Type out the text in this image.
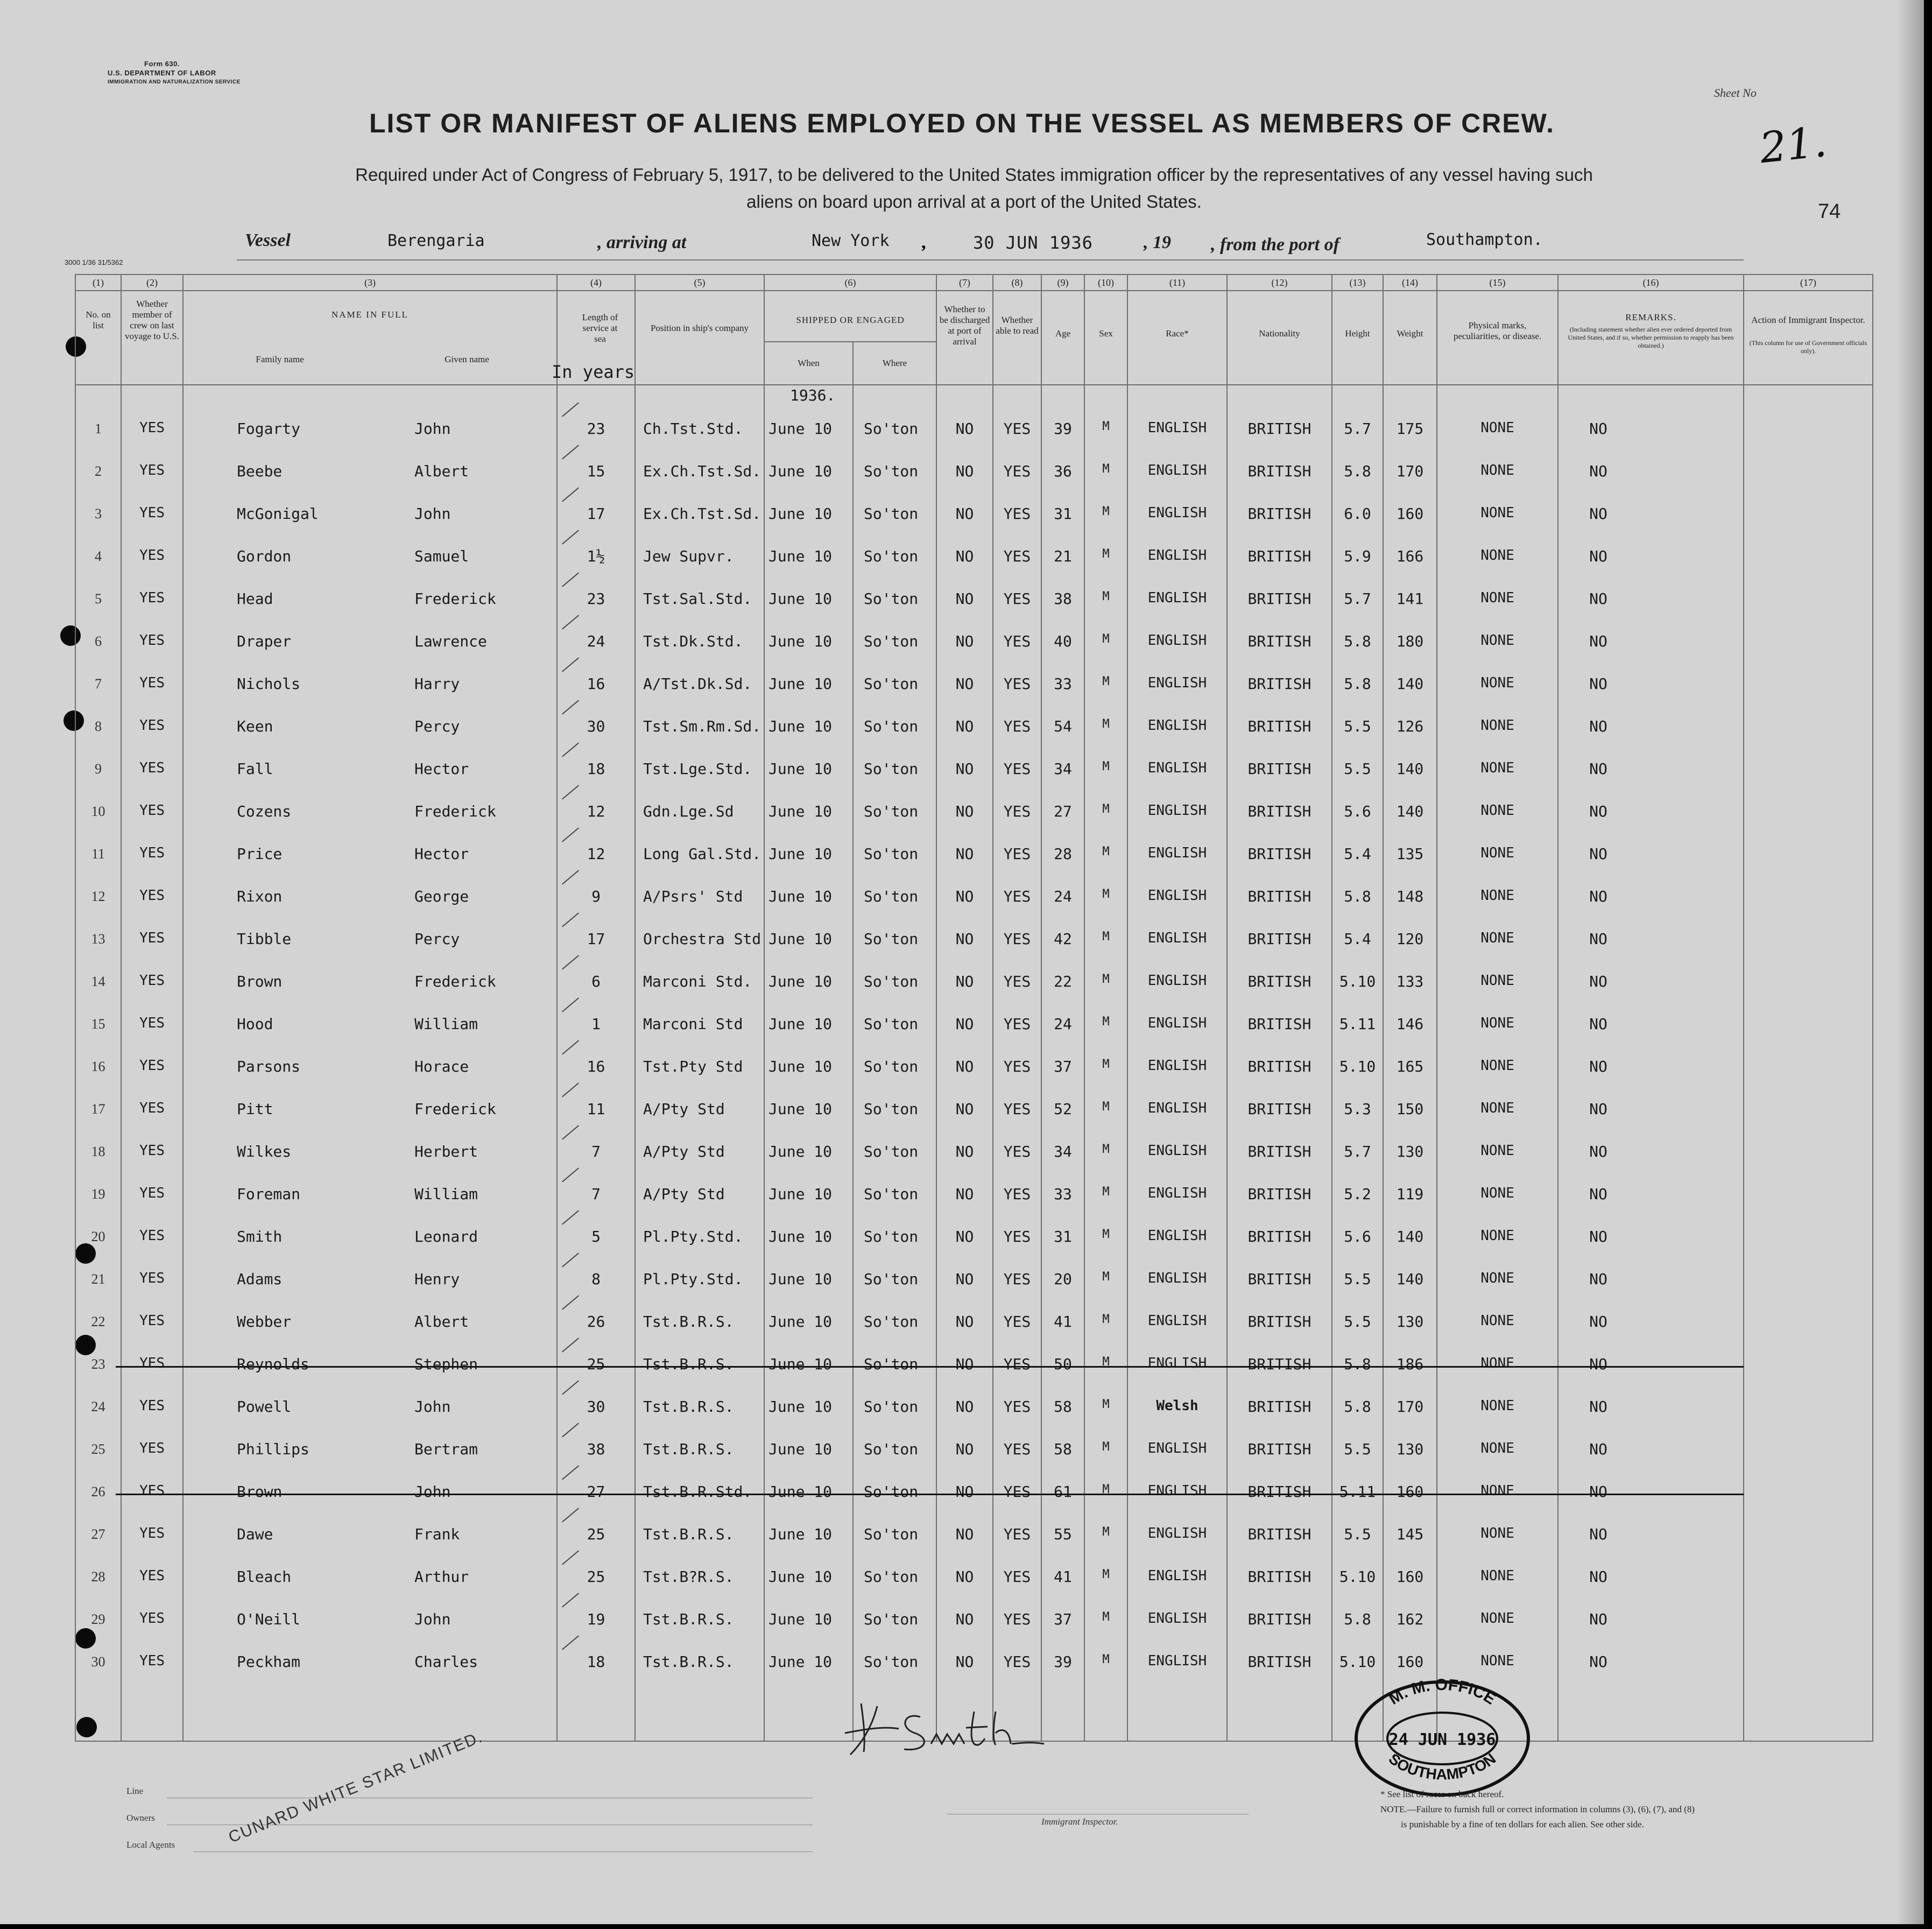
Form 630.
U.S. DEPARTMENT OF LABOR
IMMIGRATION AND NATURALIZATION SERVICE
Sheet No
21.
74
LIST OR MANIFEST OF ALIENS EMPLOYED ON THE VESSEL AS MEMBERS OF CREW.
Required under Act of Congress of February 5, 1917, to be delivered to the United States immigration officer by the representatives of any vessel having such
aliens on board upon arrival at a port of the United States.
Vessel	Berengaria	, arriving at	New York ,	30 JUN 1936	, 19 , from the port of	Southampton.
3000 1/36 31/5362
(1)	(2)	(3)	(4)	(5)	(6)	(7)	(8)	(9)	(10)	(11)	(12)	(13)	(14)	(15)	(16)	(17)
No. on list
Whether member of crew on last voyage to U.S.
NAME IN FULL
Family name	Given name
Length of service at sea
Position in ship's company
SHIPPED OR ENGAGED
When	Where
Whether to be discharged at port of arrival
Whether able to read	Age	Sex	Race*	Nationality	Height	Weight
Physical marks, peculiarities, or disease.
REMARKS.
(Including statement whether alien ever ordered deported from United States, and if so, whether permission to reapply has been obtained.)
Action of Immigrant Inspector.
(This column for use of Government officials only).
In years
1936.
1	YES	Fogarty	John	23	Ch.Tst.Std.	June 10	So'ton	NO	YES	39	M	ENGLISH	BRITISH	5.7	175	NONE	NO
2	YES	Beebe	Albert	15	Ex.Ch.Tst.Sd. June 10	So'ton	NO	YES	36	M	ENGLISH	BRITISH	5.8	170	NONE	NO
3	YES	McGonigal	John	17	Ex.Ch.Tst.Sd. June 10	So'ton	NO	YES	31	M	ENGLISH	BRITISH	6.0	160	NONE	NO
4	YES	Gordon	Samuel	1½	Jew Supvr.	June 10	So'ton	NO	YES	21	M	ENGLISH	BRITISH	5.9	166	NONE	NO
5	YES	Head	Frederick	23	Tst.Sal.Std.	June 10	So'ton	NO	YES	38	M	ENGLISH	BRITISH	5.7	141	NONE	NO
6	YES	Draper	Lawrence	24	Tst.Dk.Std.	June 10	So'ton	NO	YES	40	M	ENGLISH	BRITISH	5.8	180	NONE	NO
7	YES	Nichols	Harry	16	A/Tst.Dk.Sd.	June 10	So'ton	NO	YES	33	M	ENGLISH	BRITISH	5.8	140	NONE	NO
8	YES	Keen	Percy	30	Tst.Sm.Rm.Sd. June 10	So'ton	NO	YES	54	M	ENGLISH	BRITISH	5.5	126	NONE	NO
9	YES	Fall	Hector	18	Tst.Lge.Std.	June 10	So'ton	NO	YES	34	M	ENGLISH	BRITISH	5.5	140	NONE	NO
10	YES	Cozens	Frederick	12	Gdn.Lge.Sd	June 10	So'ton	NO	YES	27	M	ENGLISH	BRITISH	5.6	140	NONE	NO
11	YES	Price	Hector	12	Long Gal.Std. June 10	So'ton	NO	YES	28	M	ENGLISH	BRITISH	5.4	135	NONE	NO
12	YES	Rixon	George	9	A/Psrs' Std	June 10	So'ton	NO	YES	24	M	ENGLISH	BRITISH	5.8	148	NONE	NO
13	YES	Tibble	Percy	17	Orchestra Std June 10	So'ton	NO	YES	42	M	ENGLISH	BRITISH	5.4	120	NONE	NO
14	YES	Brown	Frederick	6	Marconi Std.	June 10	So'ton	NO	YES	22	M	ENGLISH	BRITISH	5.10	133	NONE	NO
15	YES	Hood	William	1	Marconi Std	June 10	So'ton	NO	YES	24	M	ENGLISH	BRITISH	5.11	146	NONE	NO
16	YES	Parsons	Horace	16	Tst.Pty Std	June 10	So'ton	NO	YES	37	M	ENGLISH	BRITISH	5.10	165	NONE	NO
17	YES	Pitt	Frederick	11	A/Pty Std	June 10	So'ton	NO	YES	52	M	ENGLISH	BRITISH	5.3	150	NONE	NO
18	YES	Wilkes	Herbert	7	A/Pty Std	June 10	So'ton	NO	YES	34	M	ENGLISH	BRITISH	5.7	130	NONE	NO
19	YES	Foreman	William	7	A/Pty Std	June 10	So'ton	NO	YES	33	M	ENGLISH	BRITISH	5.2	119	NONE	NO
20	YES	Smith	Leonard	5	Pl.Pty.Std.	June 10	So'ton	NO	YES	31	M	ENGLISH	BRITISH	5.6	140	NONE	NO
21	YES	Adams	Henry	8	Pl.Pty.Std.	June 10	So'ton	NO	YES	20	M	ENGLISH	BRITISH	5.5	140	NONE	NO
22	YES	Webber	Albert	26	Tst.B.R.S.	June 10	So'ton	NO	YES	41	M	ENGLISH	BRITISH	5.5	130	NONE	NO
23	YES	Reynolds	Stephen	25	Tst.B.R.S.	June 10	So'ton	NO	YES	50	M	ENGLISH	BRITISH	5.8	186	NONE	NO
24	YES	Powell	John	30	Tst.B.R.S.	June 10	So'ton	NO	YES	58	M	Welsh	BRITISH	5.8	170	NONE	NO
25	YES	Phillips	Bertram	38	Tst.B.R.S.	June 10	So'ton	NO	YES	58	M	ENGLISH	BRITISH	5.5	130	NONE	NO
26	YES	Brown	John	27	Tst.B.R.Std.	June 10	So'ton	NO	YES	61	M	ENGLISH	BRITISH	5.11	160	NONE	NO
27	YES	Dawe	Frank	25	Tst.B.R.S.	June 10	So'ton	NO	YES	55	M	ENGLISH	BRITISH	5.5	145	NONE	NO
28	YES	Bleach	Arthur	25	Tst.B?R.S.	June 10	So'ton	NO	YES	41	M	ENGLISH	BRITISH	5.10	160	NONE	NO
29	YES	O'Neill	John	19	Tst.B.R.S.	June 10	So'ton	NO	YES	37	M	ENGLISH	BRITISH	5.8	162	NONE	NO
30	YES	Peckham	Charles	18	Tst.B.R.S.	June 10	So'ton	NO	YES	39	M	ENGLISH	BRITISH	5.10	160	NONE	NO
M. M. OFFICE
24 JUN 1936
SOUTHAMPTON
Line
Owners
Local Agents	CUNARD WHITE STAR LIMITED.	Immigrant Inspector.
* See list of races on back hereof.
NOTE.—Failure to furnish full or correct information in columns (3), (6), (7), and (8)
is punishable by a fine of ten dollars for each alien. See other side.
